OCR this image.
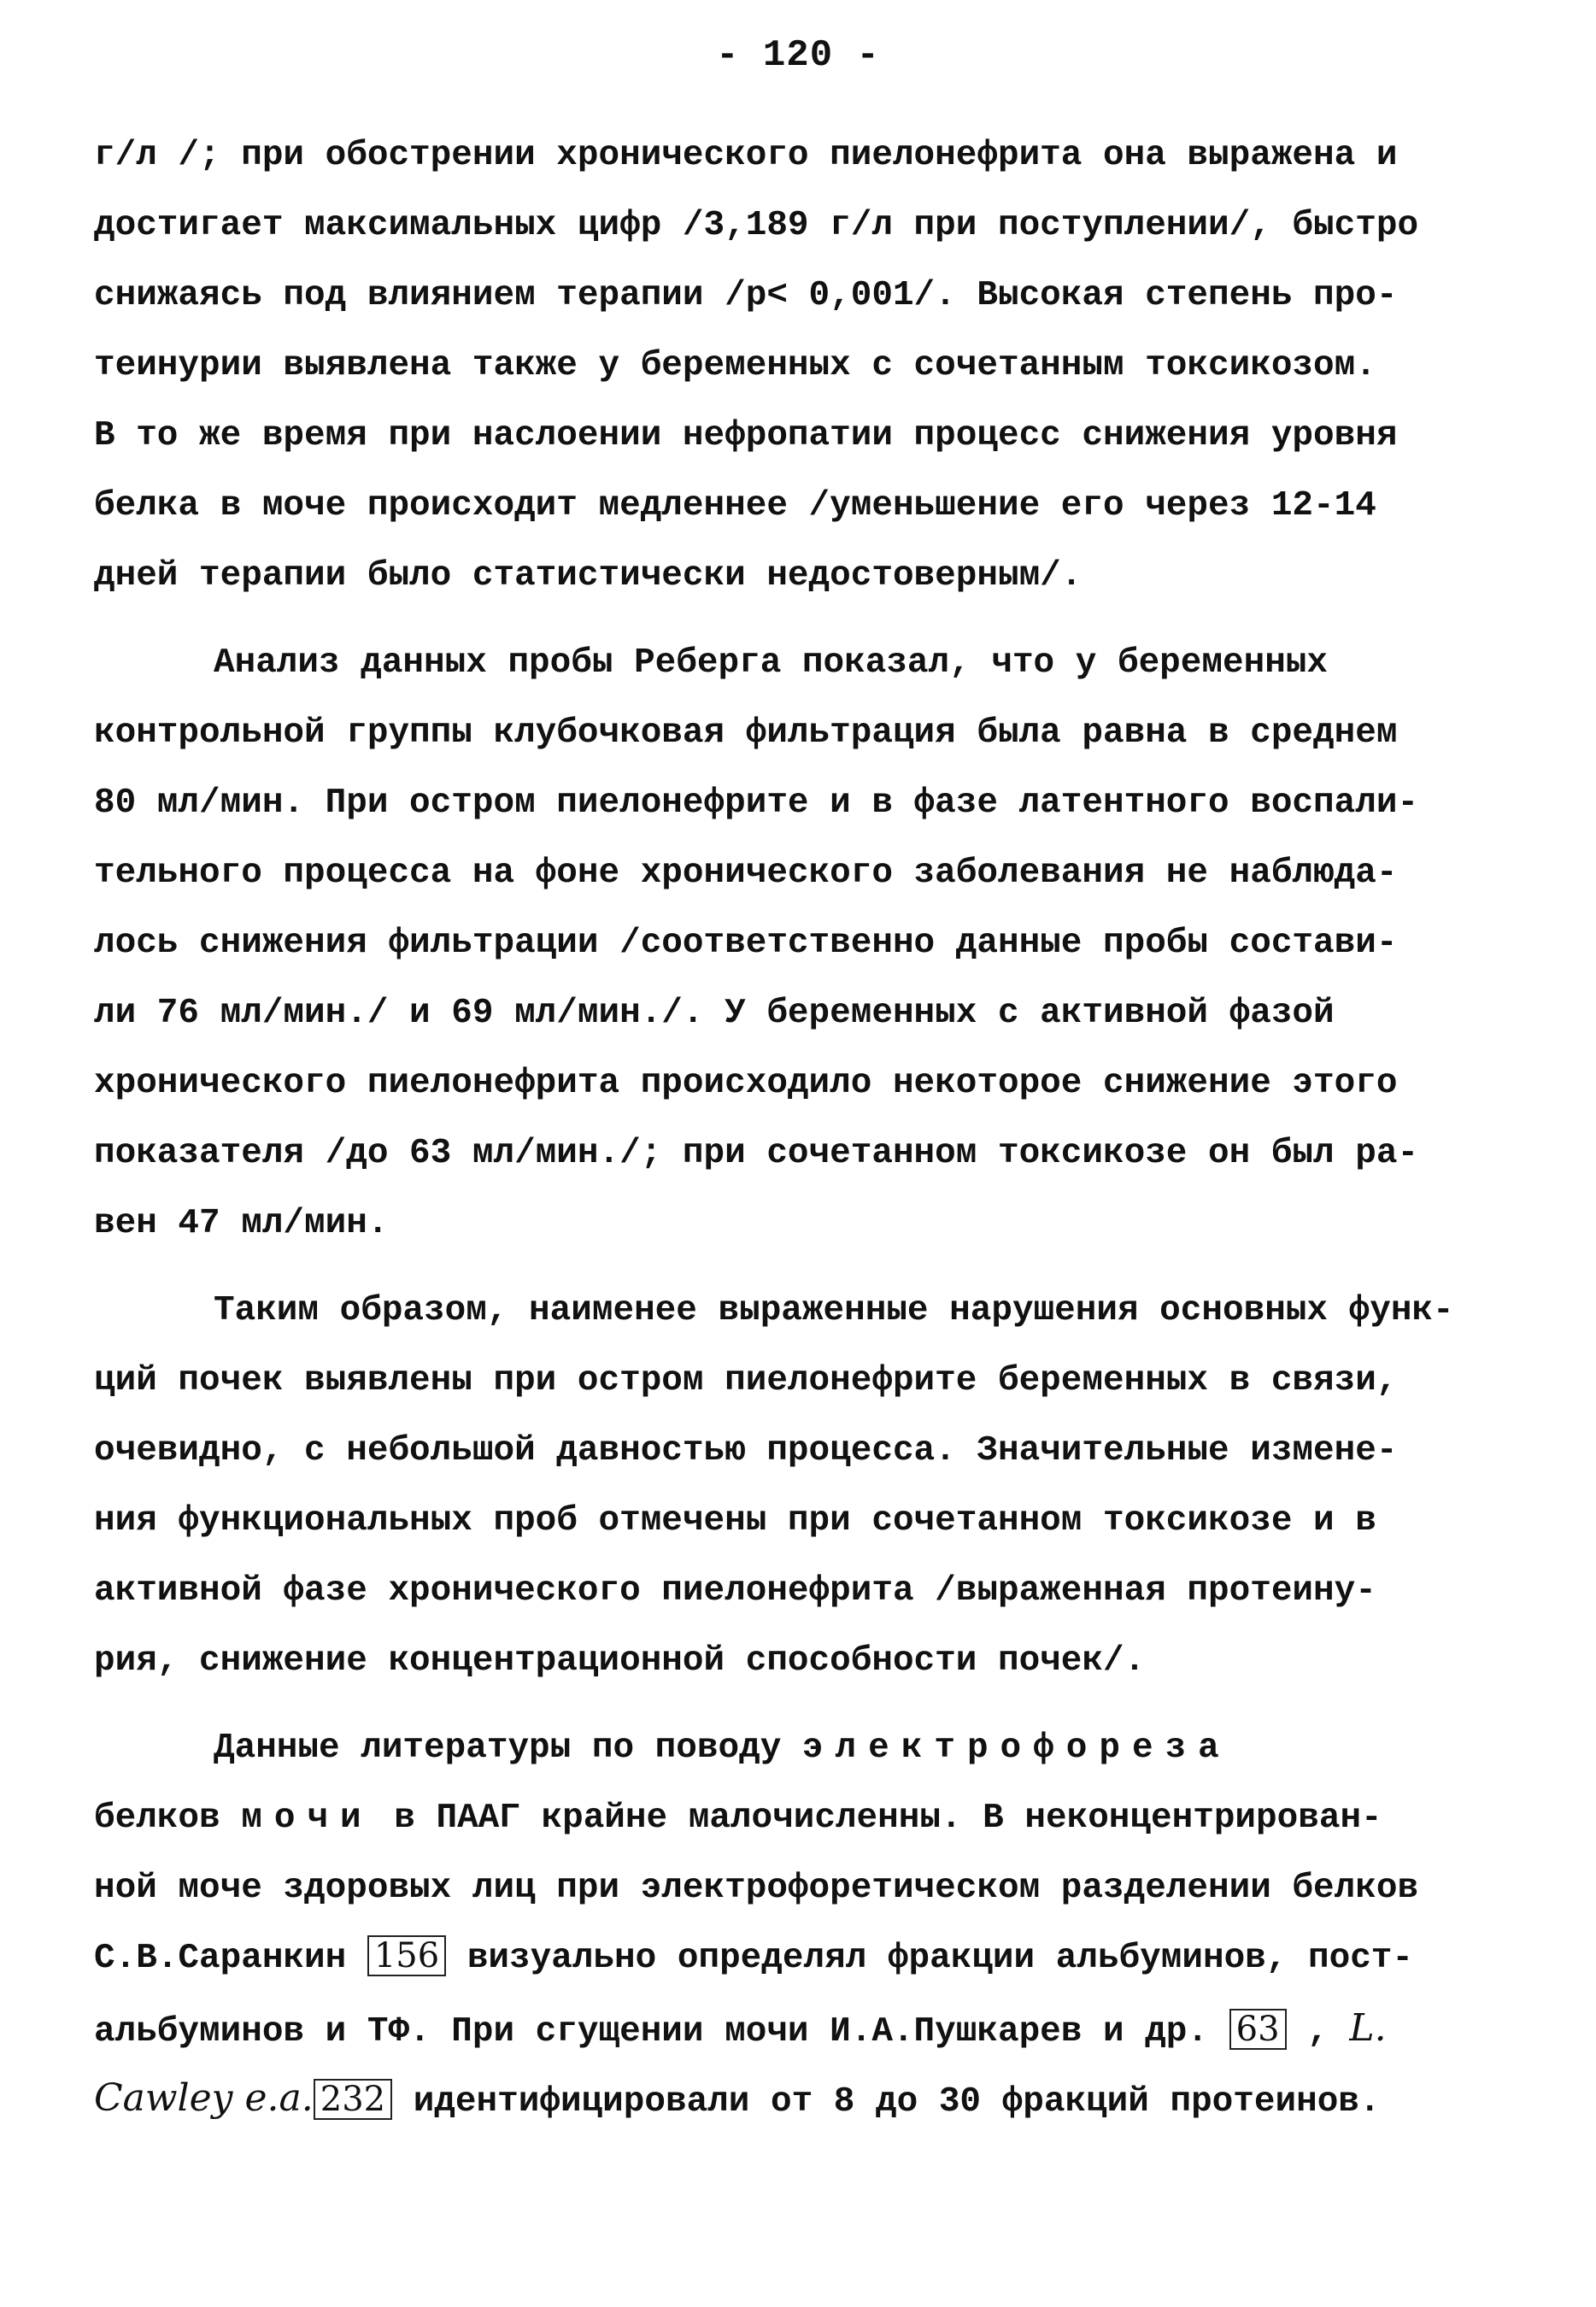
- 120 -
г/л /; при обострении хронического пиелонефрита она выражена и
достигает максимальных цифр /3,189 г/л при поступлении/, быстро
снижаясь под влиянием терапии /р< 0,001/. Высокая степень про-
теинурии выявлена также у беременных с сочетанным токсикозом.
В то же время при наслоении нефропатии процесс снижения уровня
белка в моче происходит медленнее /уменьшение его через 12-14
дней терапии было статистически недостоверным/.
Анализ данных пробы Реберга показал, что у беременных
контрольной группы клубочковая фильтрация была равна в среднем
80 мл/мин. При остром пиелонефрите и в фазе латентного воспали-
тельного процесса на фоне хронического заболевания не наблюда-
лось снижения фильтрации /соответственно данные пробы состави-
ли 76 мл/мин./ и 69 мл/мин./. У беременных с активной фазой
хронического пиелонефрита происходило некоторое снижение этого
показателя /до 63 мл/мин./; при сочетанном токсикозе он был ра-
вен 47 мл/мин.
Таким образом, наименее выраженные нарушения основных функ-
ций почек выявлены при остром пиелонефрите беременных в связи,
очевидно, с небольшой давностью процесса. Значительные измене-
ния функциональных проб отмечены при сочетанном токсикозе и в
активной фазе хронического пиелонефрита /выраженная протеину-
рия, снижение концентрационной способности почек/.
Данные литературы по поводу электрофореза
белков мочи в ПААГ крайне малочисленны. В неконцентрирован-
ной моче здоровых лиц при электрофоретическом разделении белков
С.В.Саранкин 156 визуально определял фракции альбуминов, пост-
альбуминов и ТФ. При сгущении мочи И.А.Пушкарев и др. 63 , L.
Cawley e.a. 232 идентифицировали от 8 до 30 фракций протеинов.
